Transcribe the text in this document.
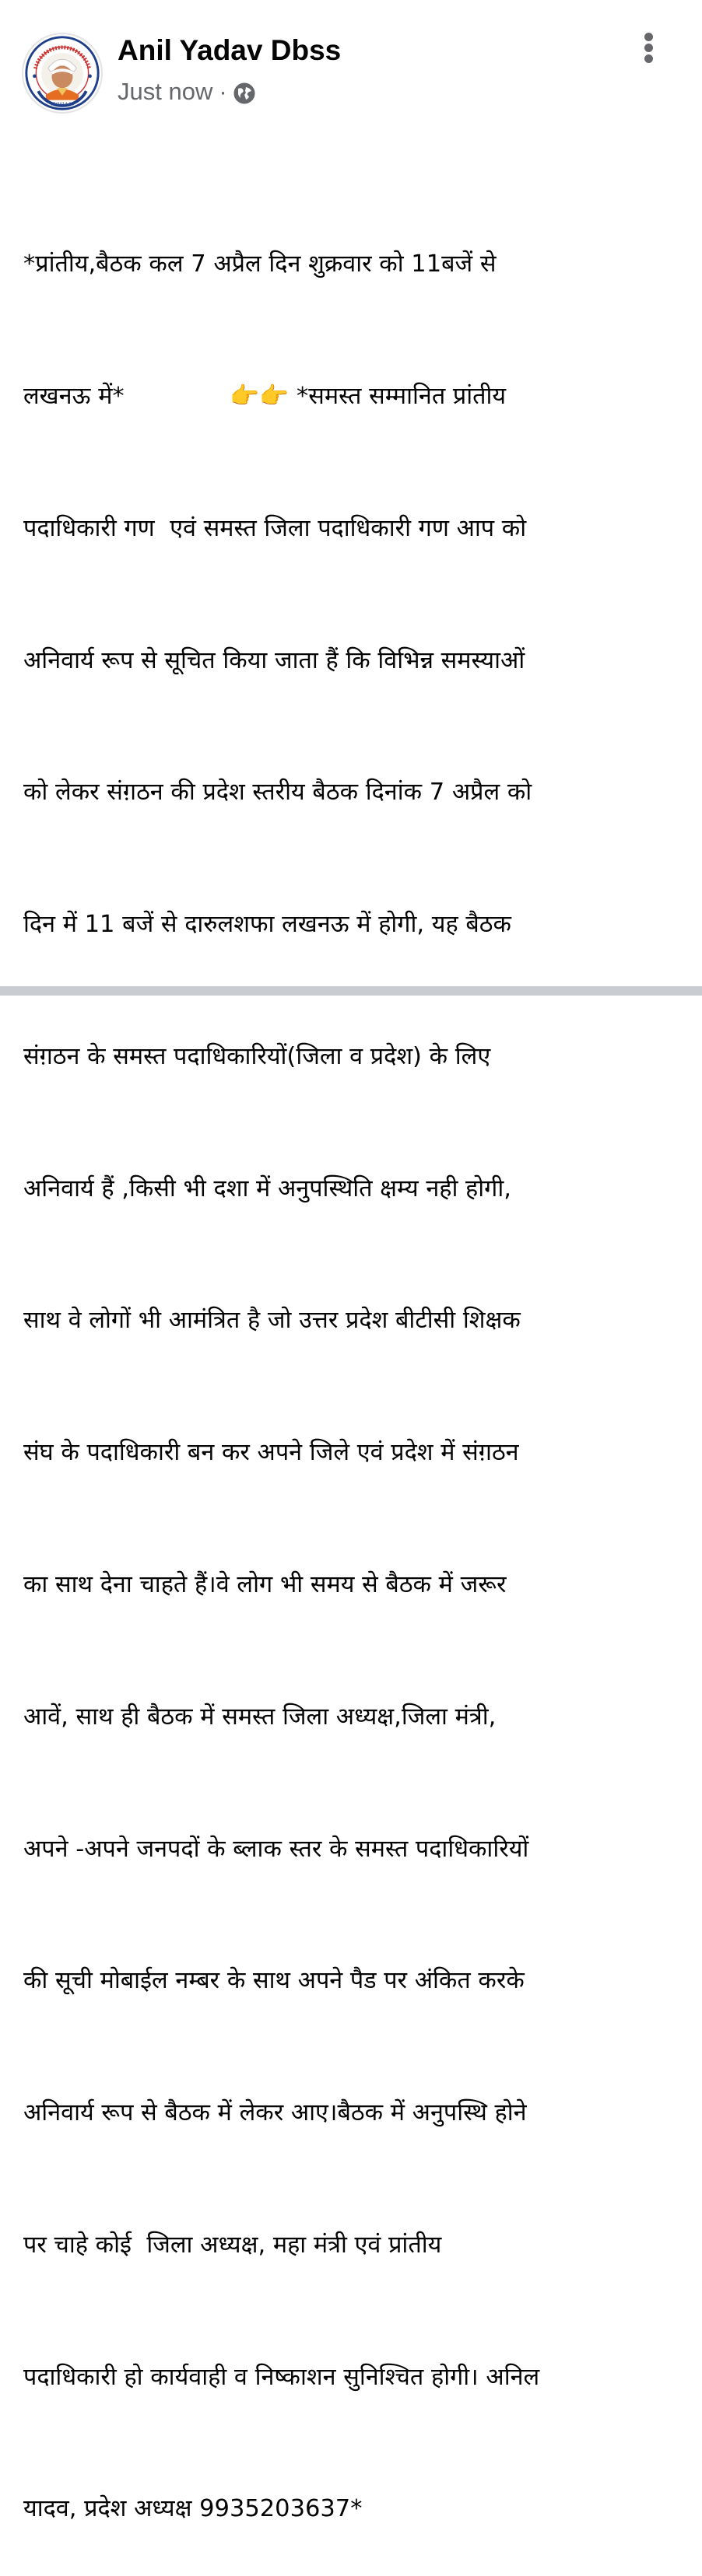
15/2014-15
Anil Yadav Dbss
Just now ·

*प्रांतीय,बैठक कल 7 अप्रैल दिन शुक्रवार को 11बजें से

लखनऊ में*              👉👉 *समस्त सम्मानित प्रांतीय

पदाधिकारी गण  एवं समस्त जिला पदाधिकारी गण आप को

अनिवार्य रूप से सूचित किया जाता हैं कि विभिन्न समस्याओं

को लेकर संग़ठन की प्रदेश स्तरीय बैठक दिनांक 7 अप्रैल को

दिन में 11 बजें से दारुलशफा लखनऊ में होगी, यह बैठक

संग़ठन के समस्त पदाधिकारियों(जिला व प्रदेश) के लिए

अनिवार्य हैं ,किसी भी दशा में अनुपस्थिति क्षम्य नही होगी,

साथ वे लोगों भी आमंत्रित है जो उत्तर प्रदेश बीटीसी शिक्षक

संघ के पदाधिकारी बन कर अपने जिले एवं प्रदेश में संग़ठन

का साथ देना चाहते हैं।वे लोग भी समय से बैठक में जरूर

आवें, साथ ही बैठक में समस्त जिला अध्यक्ष,जिला मंत्री,

अपने -अपने जनपदों के ब्लाक स्तर के समस्त पदाधिकारियों

की सूची मोबाईल नम्बर के साथ अपने पैड पर अंकित करके

अनिवार्य रूप से बैठक में लेकर आए।बैठक में अनुपस्थि होने

पर चाहे कोई  जिला अध्यक्ष, महा मंत्री एवं प्रांतीय

पदाधिकारी हो कार्यवाही व निष्काशन सुनिश्चित होगी। अनिल

यादव, प्रदेश अध्यक्ष 9935203637*
